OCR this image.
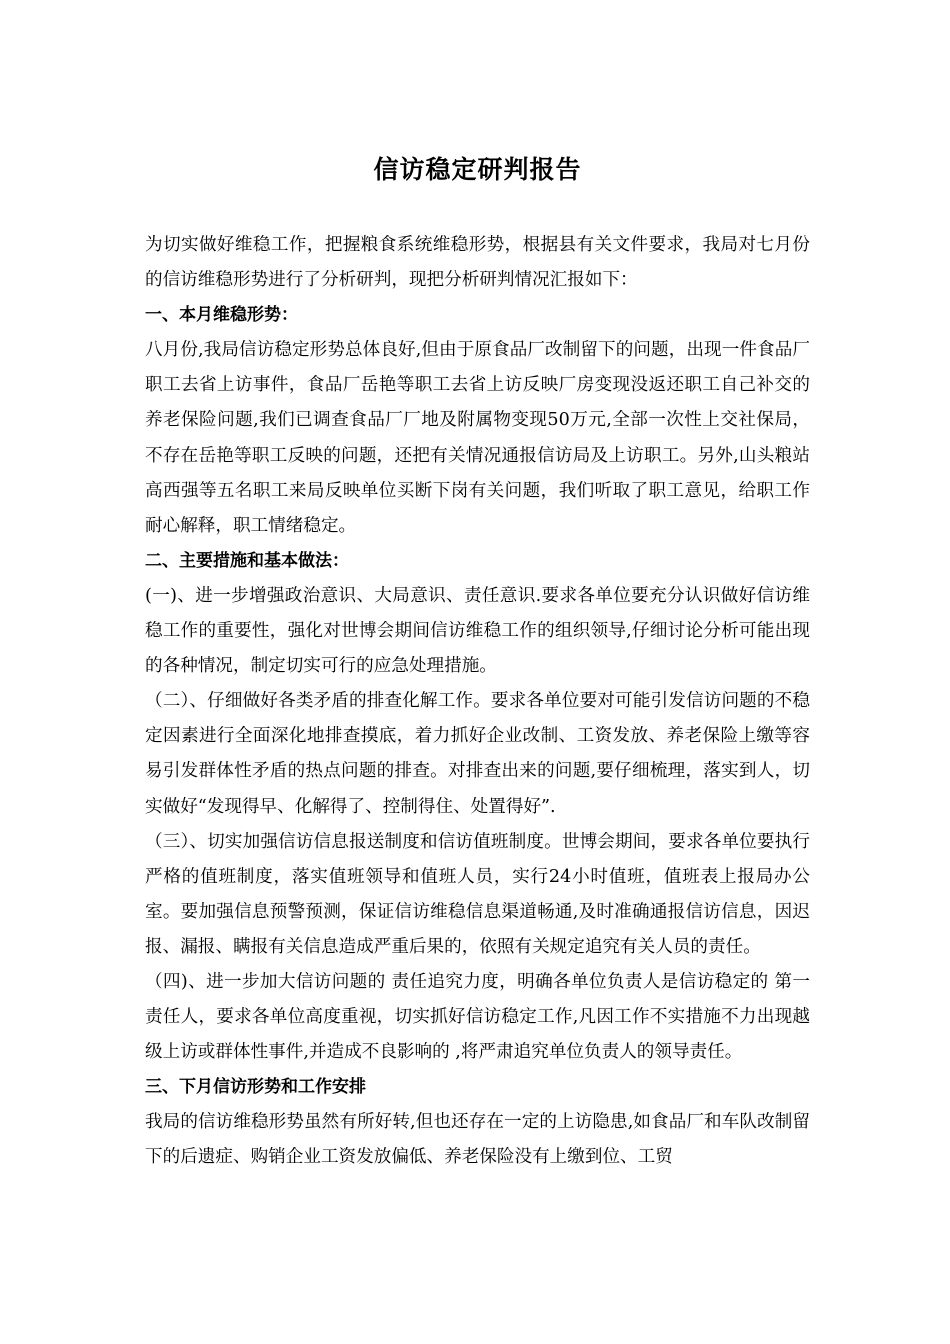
信访稳定研判报告

为切实做好维稳工作，把握粮食系统维稳形势，根据县有关文件要求，我局对七月份的信访维稳形势进行了分析研判，现把分析研判情况汇报如下：

一、本月维稳形势：

八月份,我局信访稳定形势总体良好,但由于原食品厂改制留下的问题，出现一件食品厂职工去省上访事件，食品厂岳艳等职工去省上访反映厂房变现没返还职工自己补交的养老保险问题,我们已调查食品厂厂地及附属物变现50万元,全部一次性上交社保局，不存在岳艳等职工反映的问题，还把有关情况通报信访局及上访职工。另外,山头粮站高西强等五名职工来局反映单位买断下岗有关问题，我们听取了职工意见，给职工作耐心解释，职工情绪稳定。

二、主要措施和基本做法：

(一)、进一步增强政治意识、大局意识、责任意识.要求各单位要充分认识做好信访维稳工作的重要性，强化对世博会期间信访维稳工作的组织领导,仔细讨论分析可能出现的各种情况，制定切实可行的应急处理措施。

（二）、仔细做好各类矛盾的排查化解工作。要求各单位要对可能引发信访问题的不稳定因素进行全面深化地排查摸底，着力抓好企业改制、工资发放、养老保险上缴等容易引发群体性矛盾的热点问题的排查。对排查出来的问题,要仔细梳理，落实到人，切实做好“发现得早、化解得了、控制得住、处置得好”.

（三）、切实加强信访信息报送制度和信访值班制度。世博会期间，要求各单位要执行严格的值班制度，落实值班领导和值班人员，实行24小时值班，值班表上报局办公室。要加强信息预警预测，保证信访维稳信息渠道畅通,及时准确通报信访信息，因迟报、漏报、瞒报有关信息造成严重后果的，依照有关规定追究有关人员的责任。

（四)、进一步加大信访问题的 责任追究力度，明确各单位负责人是信访稳定的 第一责任人，要求各单位高度重视，切实抓好信访稳定工作,凡因工作不实措施不力出现越级上访或群体性事件,并造成不良影响的 ,将严肃追究单位负责人的领导责任。

三、下月信访形势和工作安排

我局的信访维稳形势虽然有所好转,但也还存在一定的上访隐患,如食品厂和车队改制留下的后遗症、购销企业工资发放偏低、养老保险没有上缴到位、工贸
